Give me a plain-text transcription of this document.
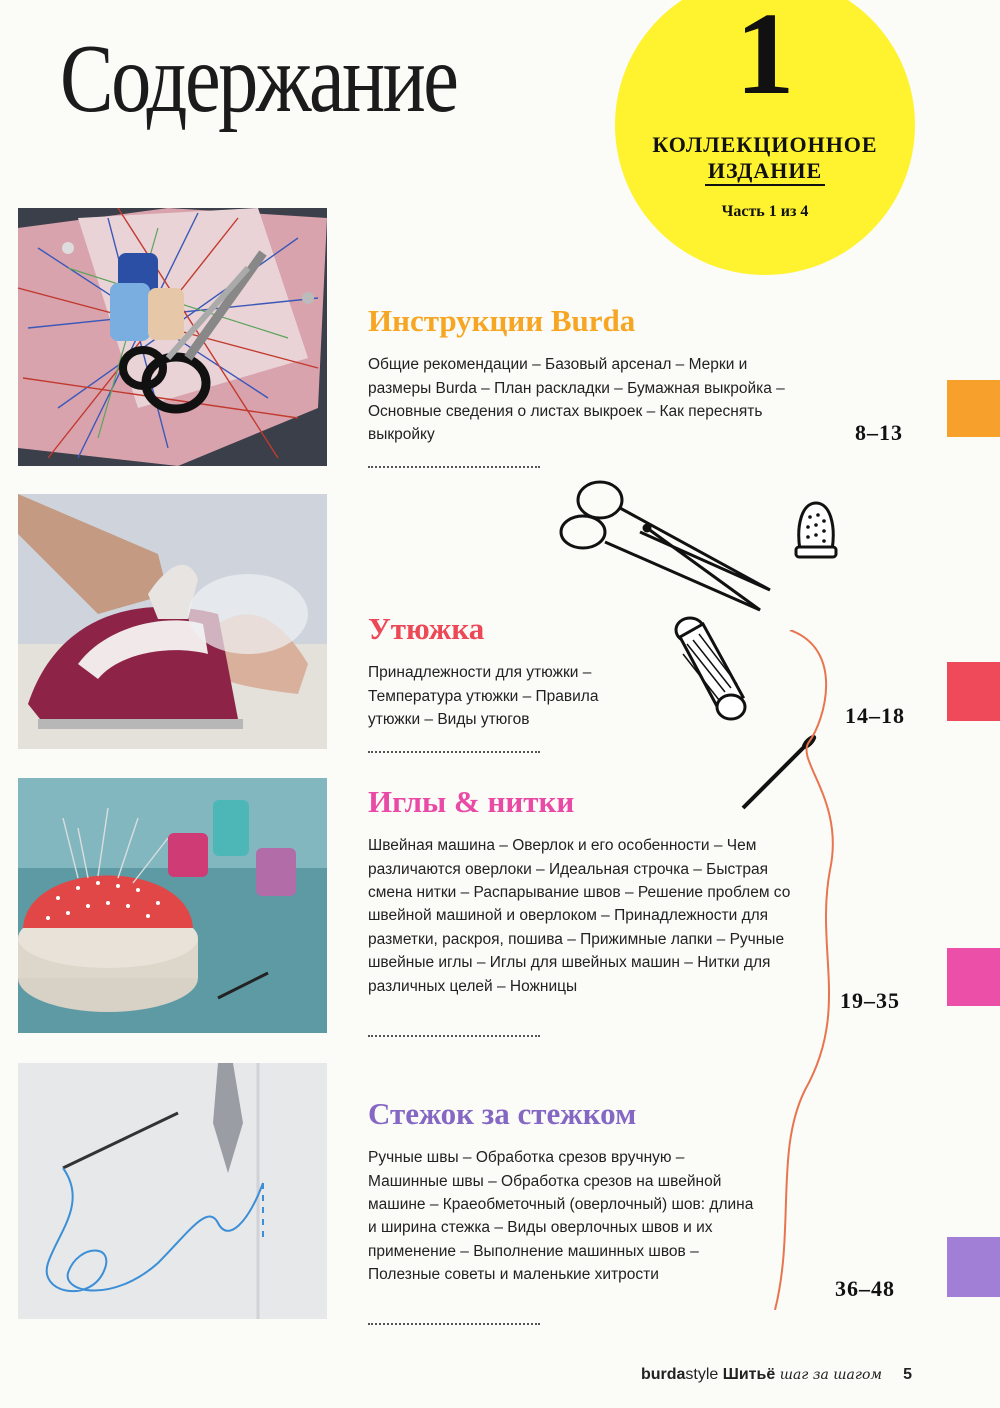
Содержание	1
КОЛЛЕКЦИОННОЕ
ИЗДАНИЕ
Часть 1 из 4
Инструкции Burda

Общие рекомендации – Базовый арсенал – Мерки и размеры Burda – План раскладки – Бумажная выкройка – Основные сведения о листах выкроек – Как переснять выкройку	8–13
Утюжка

Принадлежности для утюжки – Температура утюжки – Правила утюжки – Виды утюгов	14–18
Иглы & нитки

Швейная машина – Оверлок и его особенности – Чем различаются оверлоки – Идеальная строчка – Быстрая смена нитки – Распарывание швов – Решение проблем со швейной машиной и оверлоком – Принадлежности для разметки, раскроя, пошива – Прижимные лапки – Ручные швейные иглы – Иглы для швейных машин – Нитки для различных целей – Ножницы

19–35
Стежок за стежком

Ручные швы – Обработка срезов вручную – Машинные швы – Обработка срезов на швейной машине – Краеобметочный (оверлочный) шов: длина и ширина стежка – Виды оверлочных швов и их применение – Выполнение машинных швов – Полезные советы и маленькие хитрости

36–48
burdastyle Шитьё шаг за шагом 5
